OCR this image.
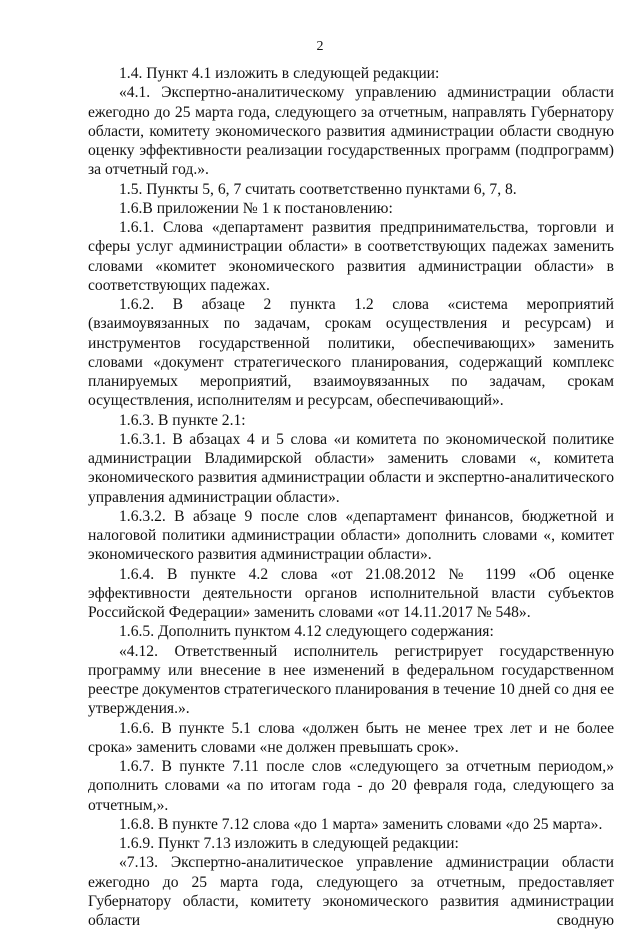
2

1.4. Пункт 4.1 изложить в следующей редакции:

«4.1. Экспертно-аналитическому управлению администрации области ежегодно до 25 марта года, следующего за отчетным, направлять Губернатору области, комитету экономического развития администрации области сводную оценку эффективности реализации государственных программ (подпрограмм) за отчетный год.».

1.5. Пункты 5, 6, 7 считать соответственно пунктами 6, 7, 8.

1.6.В приложении № 1 к постановлению:

1.6.1. Слова «департамент развития предпринимательства, торговли и сферы услуг администрации области» в соответствующих падежах заменить словами «комитет экономического развития администрации области» в соответствующих падежах.

1.6.2. В абзаце 2 пункта 1.2 слова «система мероприятий (взаимоувязанных по задачам, срокам осуществления и ресурсам) и инструментов государственной политики, обеспечивающих» заменить словами «документ стратегического планирования, содержащий комплекс планируемых мероприятий, взаимоувязанных по задачам, срокам осуществления, исполнителям и ресурсам, обеспечивающий».

1.6.3. В пункте 2.1:

1.6.3.1. В абзацах 4 и 5 слова «и комитета по экономической политике администрации Владимирской области» заменить словами «, комитета экономического развития администрации области и экспертно-аналитического управления администрации области».

1.6.3.2. В абзаце 9 после слов «департамент финансов, бюджетной и налоговой политики администрации области» дополнить словами «, комитет экономического развития администрации области».

1.6.4. В пункте 4.2 слова «от 21.08.2012 № 1199 «Об оценке эффективности деятельности органов исполнительной власти субъектов Российской Федерации» заменить словами «от 14.11.2017 № 548».

1.6.5. Дополнить пунктом 4.12 следующего содержания:

«4.12. Ответственный исполнитель регистрирует государственную программу или внесение в нее изменений в федеральном государственном реестре документов стратегического планирования в течение 10 дней со дня ее утверждения.».

1.6.6. В пункте 5.1 слова «должен быть не менее трех лет и не более срока» заменить словами «не должен превышать срок».

1.6.7. В пункте 7.11 после слов «следующего за отчетным периодом,» дополнить словами «а по итогам года - до 20 февраля года, следующего за отчетным,».

1.6.8. В пункте 7.12 слова «до 1 марта» заменить словами «до 25 марта».

1.6.9. Пункт 7.13 изложить в следующей редакции:

«7.13. Экспертно-аналитическое управление администрации области ежегодно до 25 марта года, следующего за отчетным, предоставляет Губернатору области, комитету экономического развития администрации области сводную
